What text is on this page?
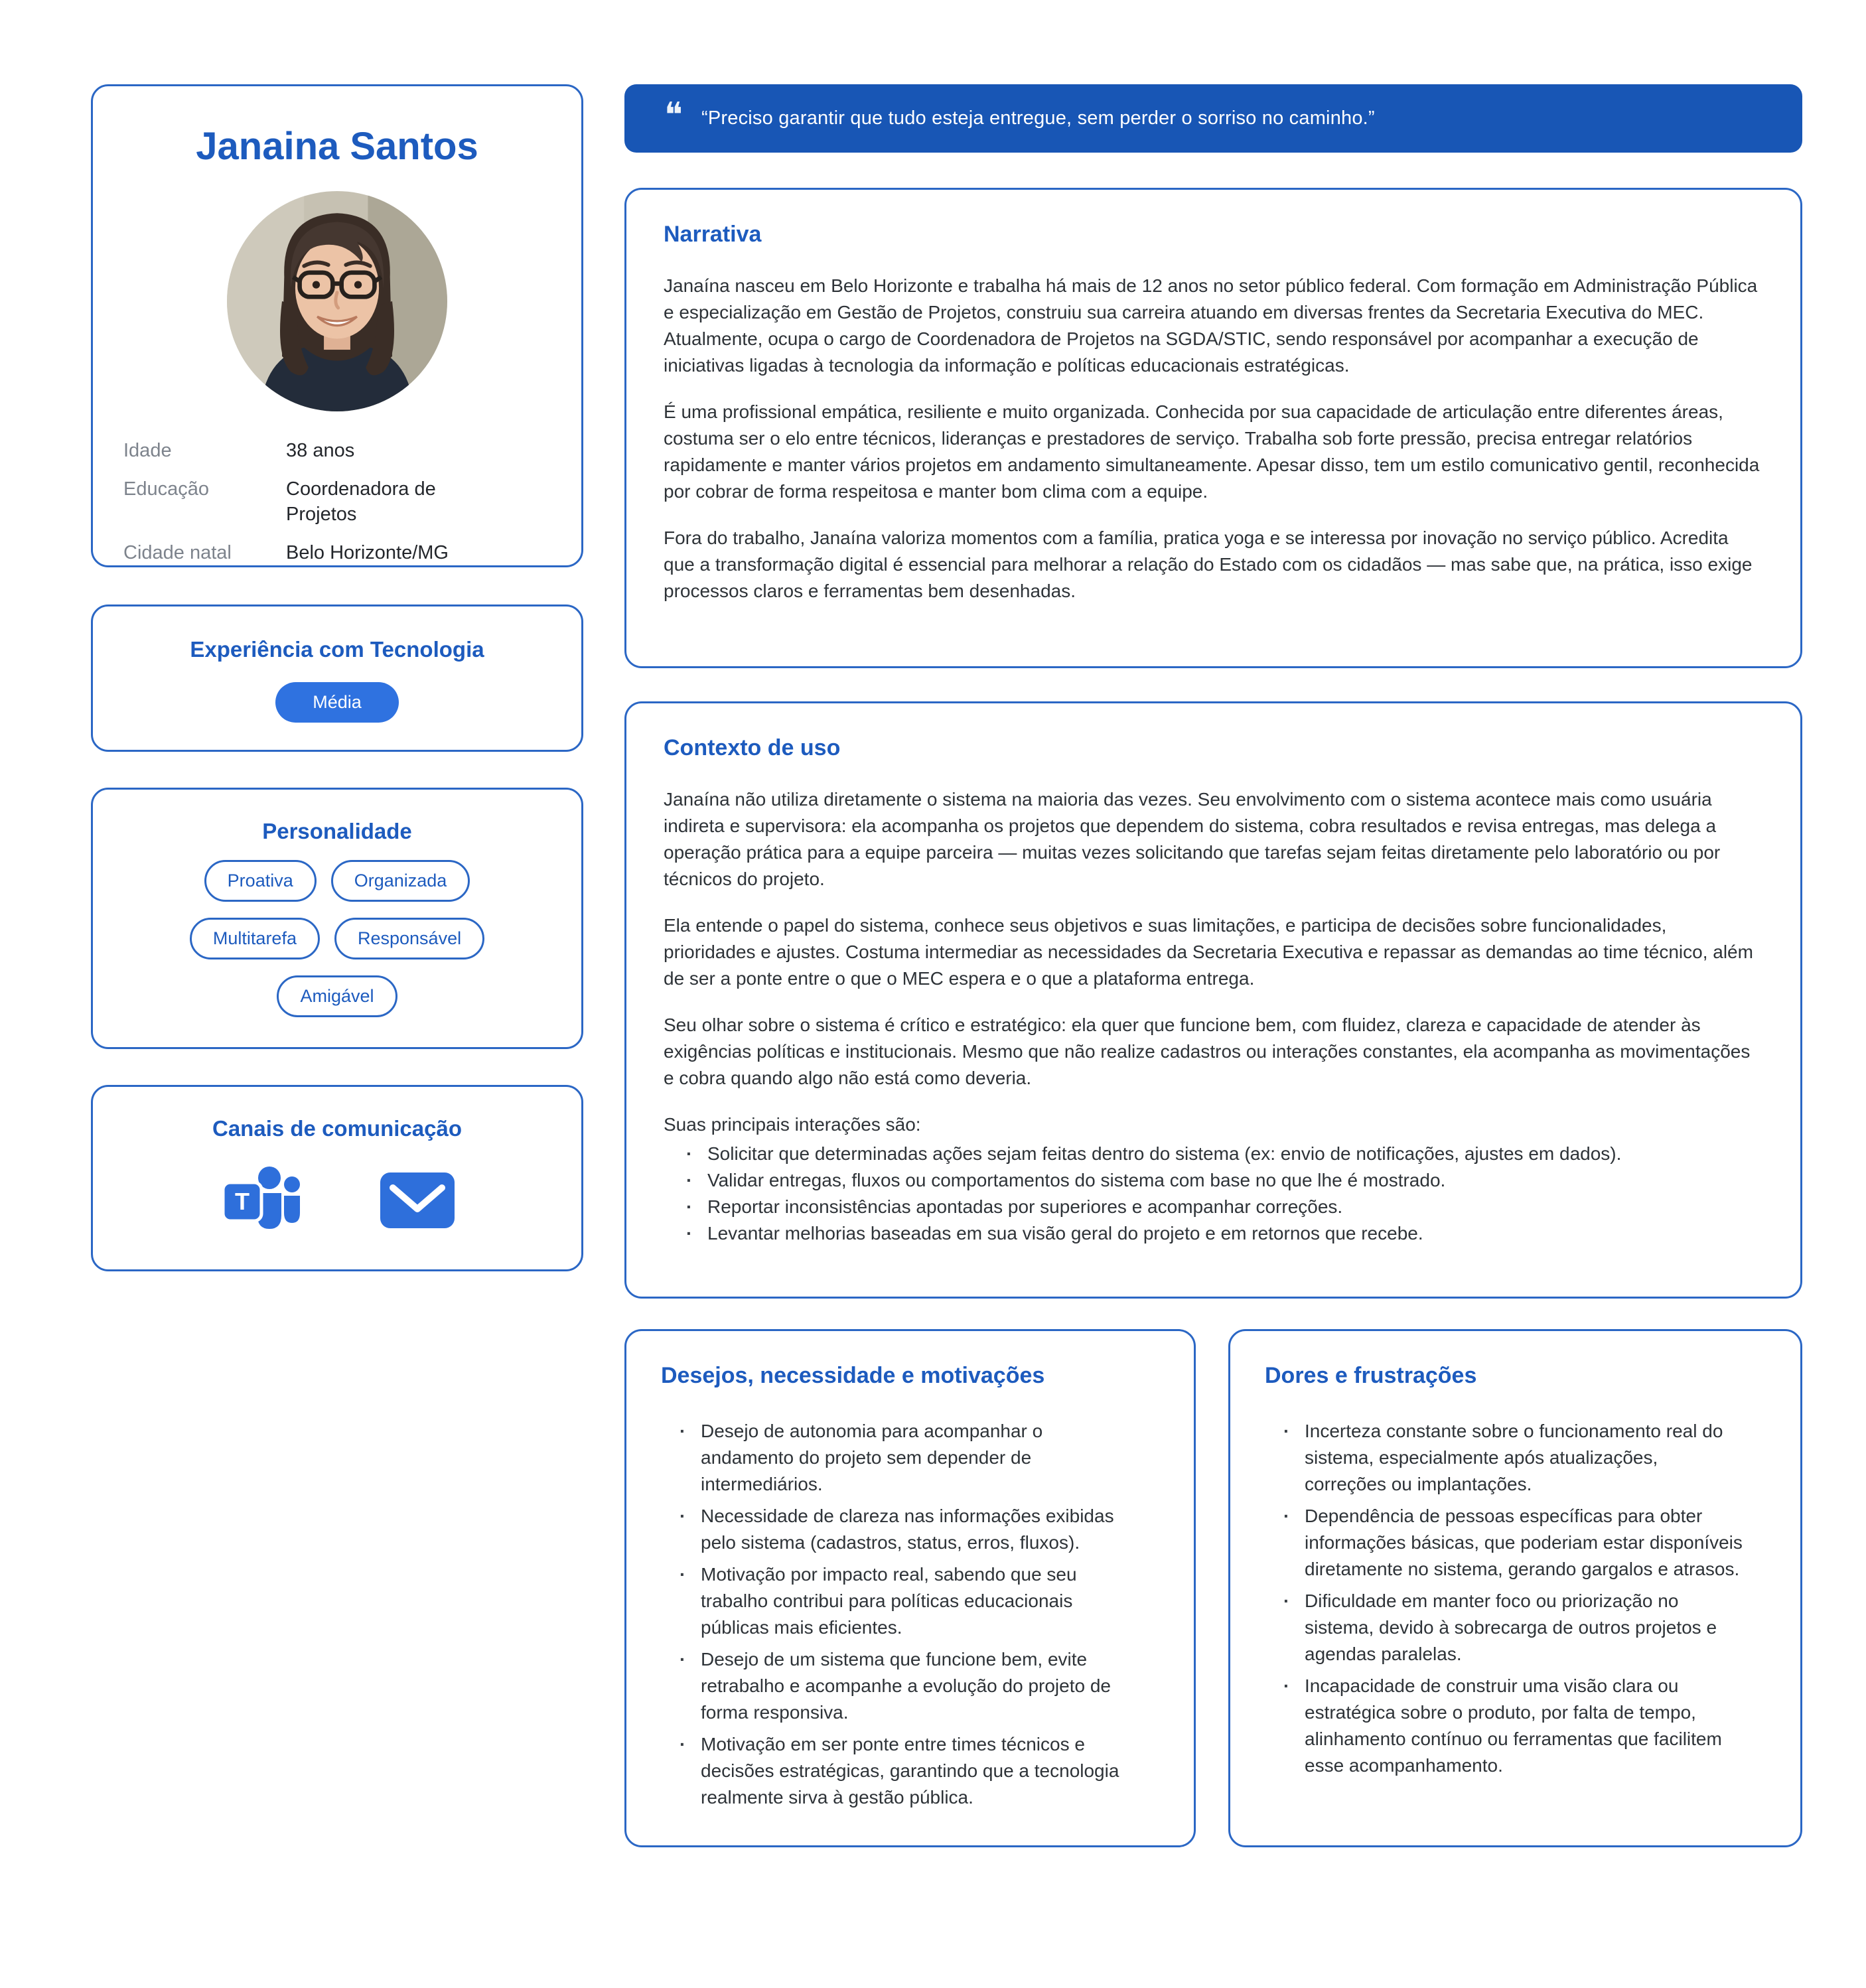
Janaina Santos
Idade	38 anos
Educação	Coordenadora de Projetos
Cidade natal	Belo Horizonte/MG
Experiência com Tecnologia
Média
Personalidade
Proativa	Organizada
Multitarefa	Responsável
Amigável
Canais de comunicação
T
❝ “Preciso garantir que tudo esteja entregue, sem perder o sorriso no caminho.”
Narrativa

Janaína nasceu em Belo Horizonte e trabalha há mais de 12 anos no setor público federal. Com formação em Administração Pública e especialização em Gestão de Projetos, construiu sua carreira atuando em diversas frentes da Secretaria Executiva do MEC. Atualmente, ocupa o cargo de Coordenadora de Projetos na SGDA/STIC, sendo responsável por acompanhar a execução de iniciativas ligadas à tecnologia da informação e políticas educacionais estratégicas.

É uma profissional empática, resiliente e muito organizada. Conhecida por sua capacidade de articulação entre diferentes áreas, costuma ser o elo entre técnicos, lideranças e prestadores de serviço. Trabalha sob forte pressão, precisa entregar relatórios rapidamente e manter vários projetos em andamento simultaneamente. Apesar disso, tem um estilo comunicativo gentil, reconhecida por cobrar de forma respeitosa e manter bom clima com a equipe.

Fora do trabalho, Janaína valoriza momentos com a família, pratica yoga e se interessa por inovação no serviço público. Acredita que a transformação digital é essencial para melhorar a relação do Estado com os cidadãos — mas sabe que, na prática, isso exige processos claros e ferramentas bem desenhadas.

Contexto de uso

Janaína não utiliza diretamente o sistema na maioria das vezes. Seu envolvimento com o sistema acontece mais como usuária indireta e supervisora: ela acompanha os projetos que dependem do sistema, cobra resultados e revisa entregas, mas delega a operação prática para a equipe parceira — muitas vezes solicitando que tarefas sejam feitas diretamente pelo laboratório ou por técnicos do projeto.

Ela entende o papel do sistema, conhece seus objetivos e suas limitações, e participa de decisões sobre funcionalidades, prioridades e ajustes. Costuma intermediar as necessidades da Secretaria Executiva e repassar as demandas ao time técnico, além de ser a ponte entre o que o MEC espera e o que a plataforma entrega.

Seu olhar sobre o sistema é crítico e estratégico: ela quer que funcione bem, com fluidez, clareza e capacidade de atender às exigências políticas e institucionais. Mesmo que não realize cadastros ou interações constantes, ela acompanha as movimentações e cobra quando algo não está como deveria.

Suas principais interações são:

· Solicitar que determinadas ações sejam feitas dentro do sistema (ex: envio de notificações, ajustes em dados).
· Validar entregas, fluxos ou comportamentos do sistema com base no que lhe é mostrado.
· Reportar inconsistências apontadas por superiores e acompanhar correções.
· Levantar melhorias baseadas em sua visão geral do projeto e em retornos que recebe.
Desejos, necessidade e motivações
· Desejo de autonomia para acompanhar o andamento do projeto sem depender de intermediários.
· Necessidade de clareza nas informações exibidas pelo sistema (cadastros, status, erros, fluxos).
· Motivação por impacto real, sabendo que seu trabalho contribui para políticas educacionais públicas mais eficientes.
· Desejo de um sistema que funcione bem, evite retrabalho e acompanhe a evolução do projeto de forma responsiva.
· Motivação em ser ponte entre times técnicos e decisões estratégicas, garantindo que a tecnologia realmente sirva à gestão pública.
Dores e frustrações
· Incerteza constante sobre o funcionamento real do sistema, especialmente após atualizações, correções ou implantações.
· Dependência de pessoas específicas para obter informações básicas, que poderiam estar disponíveis diretamente no sistema, gerando gargalos e atrasos.
· Dificuldade em manter foco ou priorização no sistema, devido à sobrecarga de outros projetos e agendas paralelas.
· Incapacidade de construir uma visão clara ou estratégica sobre o produto, por falta de tempo, alinhamento contínuo ou ferramentas que facilitem esse acompanhamento.
